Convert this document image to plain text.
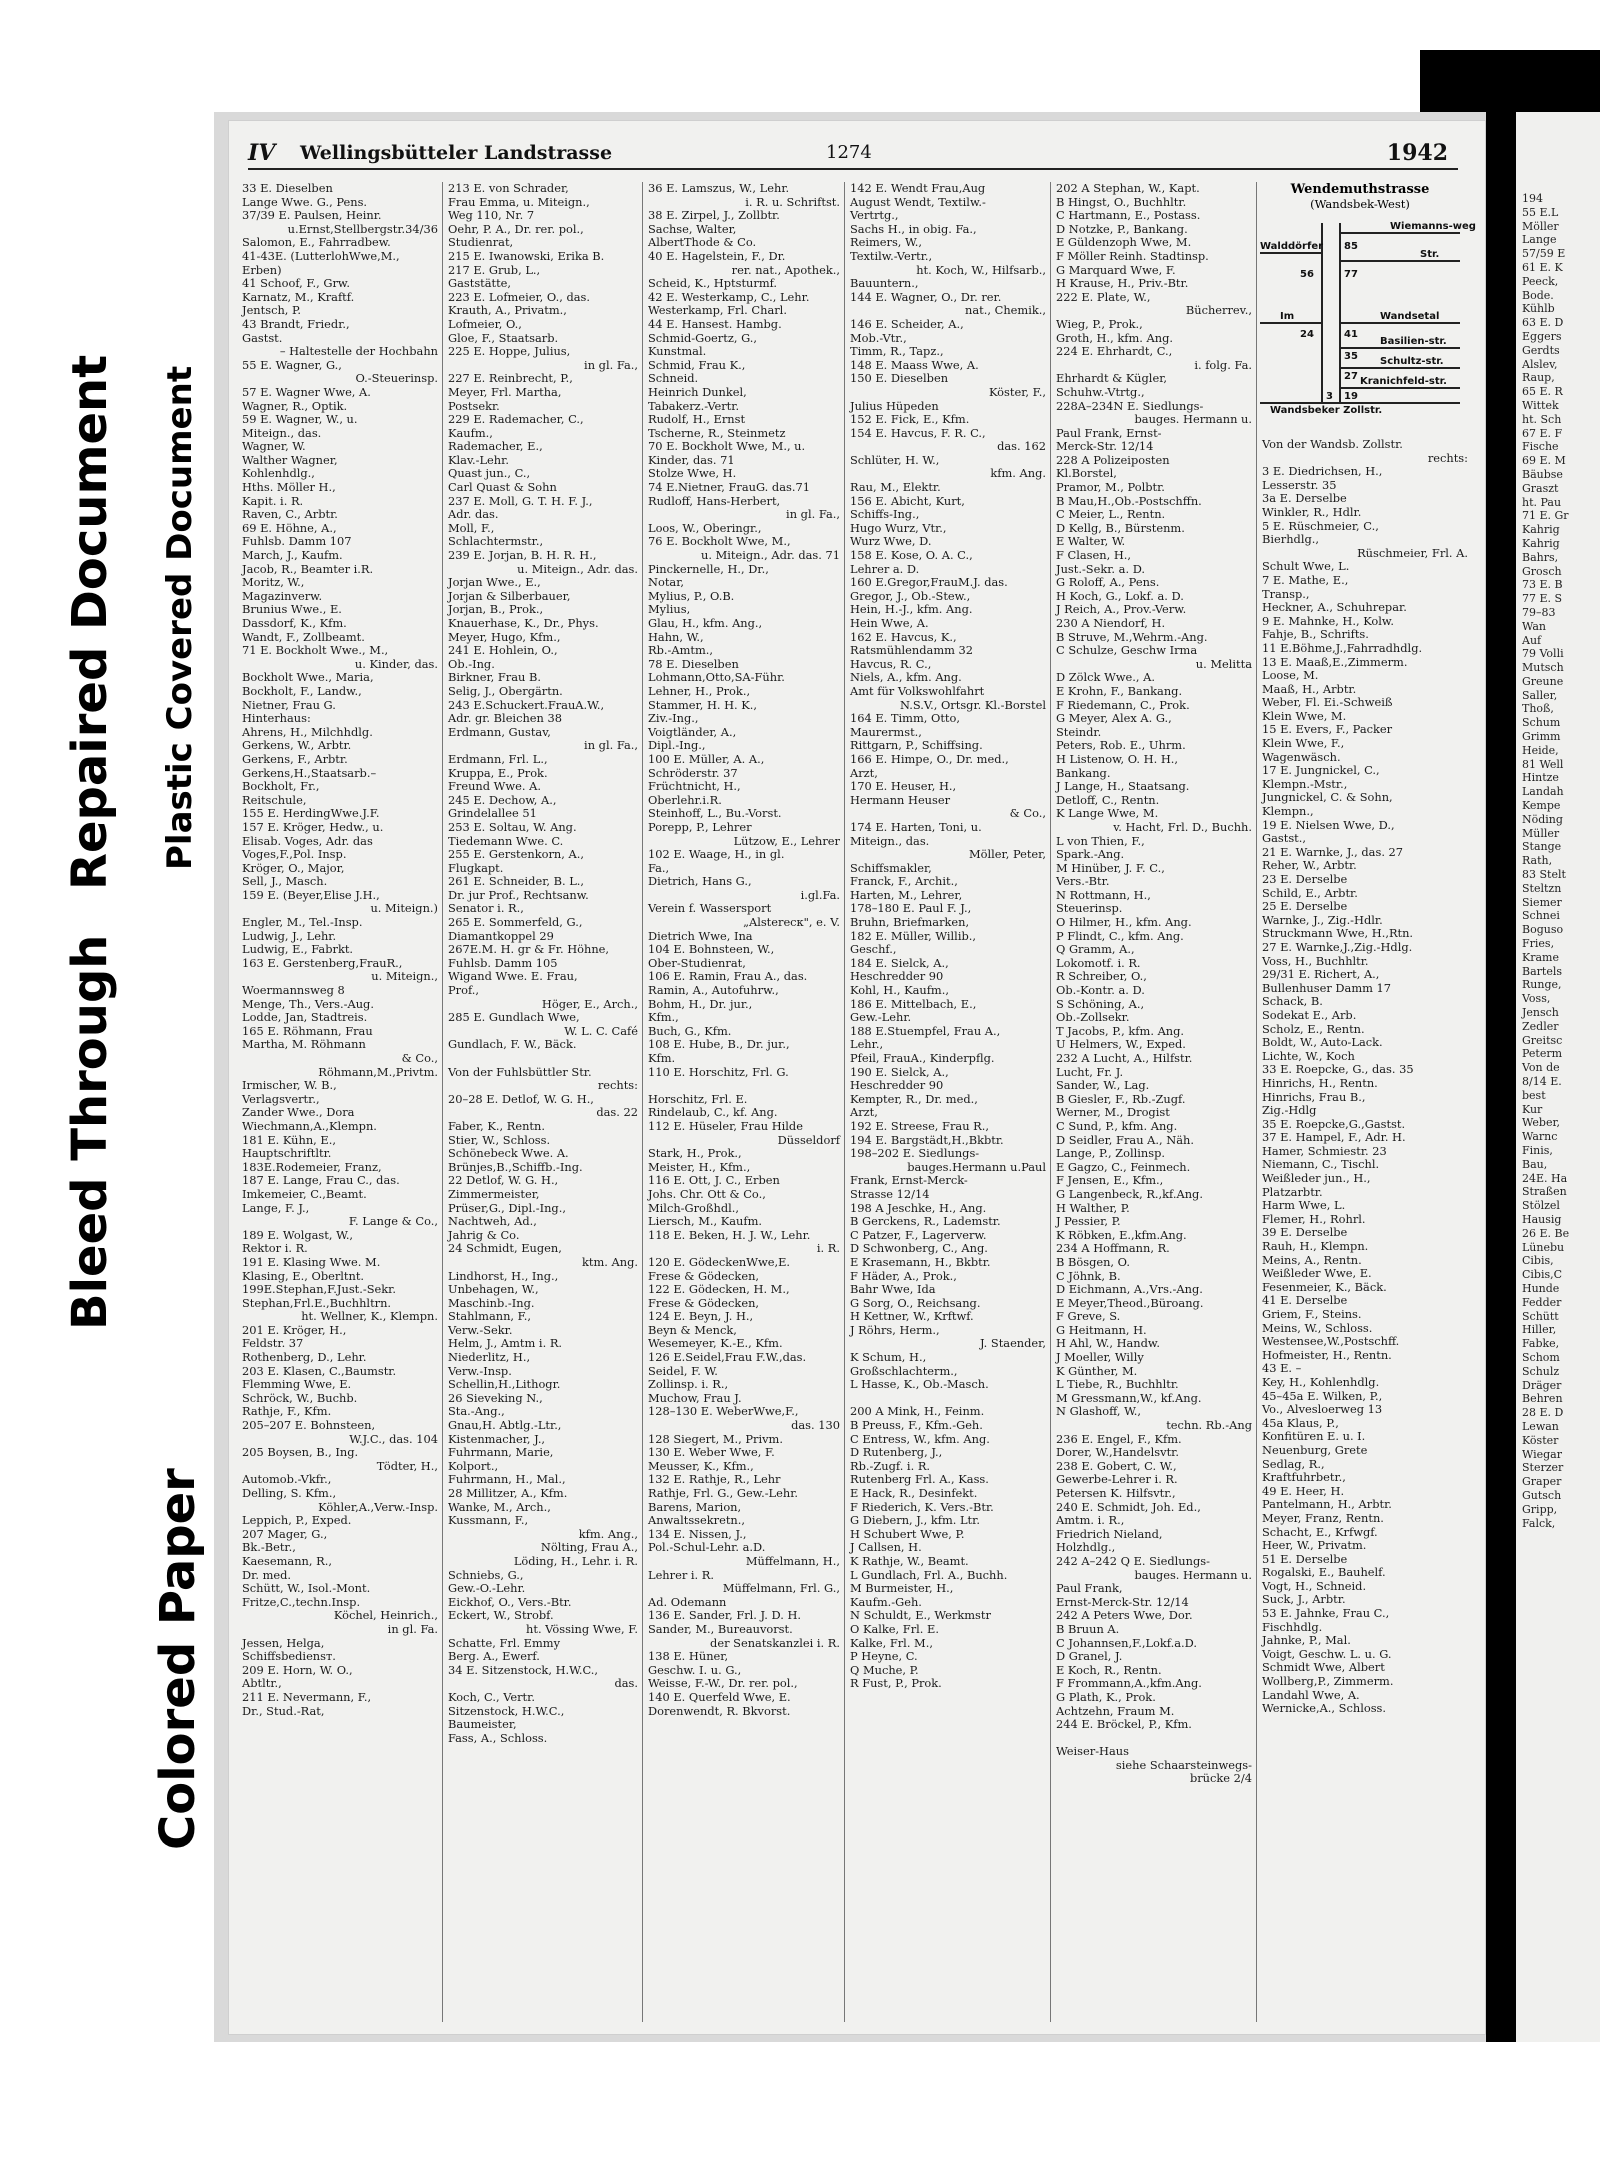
Bleed Through
Repaired Document Plastic Covered Document
Colored Paper
IV Wellingsbütteler Landstrasse	1274	1942

33 E. Dieselben

Lange Wwe. G., Pens.

37/39 E. Paulsen, Heinr.

u.Ernst,Stellbergstr.34/36

Salomon, E., Fahrradbew.

41-43E. (LutterlohWwe,M.,

Erben)

41 Schoof, F., Grw.

Karnatz, M., Kraftf.

Jentsch, P.

43 Brandt, Friedr.,

Gastst.

– Haltestelle der Hochbahn

55 E. Wagner, G.,

O.-Steuerinsp.

57 E. Wagner Wwe, A.

Wagner, R., Optik.

59 E. Wagner, W., u.

Miteign., das.

Wagner, W.

Walther Wagner,

Kohlenhdlg.,

Hths. Möller H.,

Kapit. i. R.

Raven, C., Arbtr.

69 E. Höhne, A.,

Fuhlsb. Damm 107

March, J., Kaufm.

Jacob, R., Beamter i.R.

Moritz, W.,

Magazinverw.

Brunius Wwe., E.

Dassdorf, K., Kfm.

Wandt, F., Zollbeamt.

71 E. Bockholt Wwe., M.,

u. Kinder, das.

Bockholt Wwe., Maria,

Bockholt, F., Landw.,

Nietner, Frau G.

Hinterhaus:

Ahrens, H., Milchhdlg.

Gerkens, W., Arbtr.

Gerkens, F., Arbtr.

Gerkens,H.,Staatsarb.–

Bockholt, Fr.,

Reitschule,

155 E. HerdingWwe.J.F.

157 E. Kröger, Hedw., u.

Elisab. Voges, Adr. das

Voges,F.,Pol. Insp.

Kröger, O., Major,

Sell, J., Masch.

159 E. (Beyer,Elise J.H.,

u. Miteign.)

Engler, M., Tel.-Insp.

Ludwig, J., Lehr.

Ludwig, E., Fabrkt.

163 E. Gerstenberg,FrauR.,

u. Miteign.,

Woermannsweg 8

Menge, Th., Vers.-Aug.

Lodde, Jan, Stadtreis.

165 E. Röhmann, Frau

Martha, M. Röhmann

& Co.,

Röhmann,M.,Privtm.

Irmischer, W. B.,

Verlagsvertr.,

Zander Wwe., Dora

Wiechmann,A.,Klempn.

181 E. Kühn, E.,

Hauptschriftltr.

183E.Rodemeier, Franz,

187 E. Lange, Frau C., das.

Imkemeier, C.,Beamt.

Lange, F. J.,

F. Lange & Co.,

189 E. Wolgast, W.,

Rektor i. R.

191 E. Klasing Wwe. M.

Klasing, E., Oberltnt.

199E.Stephan,F.Just.-Sekr.

Stephan,Frl.E.,Buchhltrn.

ht. Wellner, K., Klempn.

201 E. Kröger, H.,

Feldstr. 37

Rothenberg, D., Lehr.

203 E. Klasen, C.,Baumstr.

Flemming Wwe, E.

Schröck, W., Buchb.

Rathje, F., Kfm.

205–207 E. Bohnsteen,

W.J.C., das. 104

205 Boysen, B., Ing.

Tödter, H.,

Automob.-Vkfr.,

Delling, S. Kfm.,

Köhler,A.,Verw.-Insp.

Leppich, P., Exped.

207 Mager, G.,

Bk.-Betr.,

Kaesemann, R.,

Dr. med.

Schütt, W., Isol.-Mont.

Fritze,C.,techn.Insp.

Köchel, Heinrich.,

in gl. Fa.

Jessen, Helga,

Schiffsbediensт.

209 E. Horn, W. O.,

Abtltr.,

211 E. Nevermann, F.,

Dr., Stud.-Rat,

213 E. von Schrader,

Frau Emma, u. Miteign.,

Weg 110, Nr. 7

Oehr, P. A., Dr. rer. pol.,

Studienrat,

215 E. Iwanowski, Erika B.

217 E. Grub, L.,

Gaststätte,

223 E. Lofmeier, O., das.

Krauth, A., Privatm.,

Lofmeier, O.,

Gloe, F., Staatsarb.

225 E. Hoppe, Julius,

in gl. Fa.,

227 E. Reinbrecht, P.,

Meyer, Frl. Martha,

Postsekr.

229 E. Rademacher, C.,

Kaufm.,

Rademacher, E.,

Klav.-Lehr.

Quast jun., C.,

Carl Quast & Sohn

237 E. Moll, G. T. H. F. J.,

Adr. das.

Moll, F.,

Schlachtermstr.,

239 E. Jorjan, B. H. R. H.,

u. Miteign., Adr. das.

Jorjan Wwe., E.,

Jorjan & Silberbauer,

Jorjan, B., Prok.,

Knauerhase, K., Dr., Phys.

Meyer, Hugo, Kfm.,

241 E. Hohlein, O.,

Ob.-Ing.

Birkner, Frau B.

Selig, J., Obergärtn.

243 E.Schuckert.FrauA.W.,

Adr. gr. Bleichen 38

Erdmann, Gustav,

in gl. Fa.,

Erdmann, Frl. L.,

Kruppa, E., Prok.

Freund Wwe. A.

245 E. Dechow, A.,

Grindelallee 51

253 E. Soltau, W. Ang.

Tiedemann Wwe. C.

255 E. Gerstenkorn, A.,

Flugkapt.

261 E. Schneider, B. L.,

Dr. jur Prof., Rechtsanw.

Senator i. R.,

265 E. Sommerfeld, G.,

Diamantkoppel 29

267E.M. H. gr & Fr. Höhne,

Fuhlsb. Damm 105

Wigand Wwe. E. Frau,

Prof.,

Höger, E., Arch.,

285 E. Gundlach Wwe,

W. L. C. Café

Gundlach, F. W., Bäck.

Von der Fuhlsbüttler Str.

rechts:

20–28 E. Detlof, W. G. H.,

das. 22

Faber, K., Rentn.

Stier, W., Schloss.

Schönebeck Wwe. A.

Brünjes,B.,Schiffb.-Ing.

22 Detlof, W. G. H.,

Zimmermeister,

Prüser,G., Dipl.-Ing.,

Nachtweh, Ad.,

Jahrig & Co.

24 Schmidt, Eugen,

ktm. Ang.

Lindhorst, H., Ing.,

Unbehagen, W.,

Maschinb.-Ing.

Stahlmann, F.,

Verw.-Sekr.

Helm, J., Amtm i. R.

Niederlitz, H.,

Verw.-Insp.

Schellin,H.,Lithogr.

26 Sieveking N.,

Sta.-Ang.,

Gnau,H. Abtlg.-Ltr.,

Kistenmacher, J.,

Fuhrmann, Marie,

Kolport.,

Fuhrmann, H., Mal.,

28 Millitzer, A., Kfm.

Wanke, M., Arch.,

Kussmann, F.,

kfm. Ang.,

Nölting, Frau A.,

Löding, H., Lehr. i. R.

Schniebs, G.,

Gew.-O.-Lehr.

Eickhof, O., Vers.-Btr.

Eckert, W., Strobf.

ht. Vössing Wwe, F.

Schatte, Frl. Emmy

Berg. A., Ewerf.

34 E. Sitzenstock, H.W.C.,

das.

Koch, C., Vertr.

Sitzenstock, H.W.C.,

Baumeister,

Fass, A., Schloss.

36 E. Lamszus, W., Lehr.

i. R. u. Schriftst.

38 E. Zirpel, J., Zollbtr.

Sachse, Walter,

AlbertThode & Co.

40 E. Hagelstein, F., Dr.

rer. nat., Apothek.,

Scheid, K., Hptsturmf.

42 E. Westerkamp, C., Lehr.

Westerkamp, Frl. Charl.

44 E. Hansest. Hambg.

Schmid-Goertz, G.,

Kunstmal.

Schmid, Frau K.,

Schneid.

Heinrich Dunkel,

Tabakerz.-Vertr.

Rudolf, H., Ernst

Tscherne, R., Steinmetz

70 E. Bockholt Wwe, M., u.

Kinder, das. 71

Stolze Wwe, H.

74 E.Nietner, FrauG. das.71

Rudloff, Hans-Herbert,

in gl. Fa.,

Loos, W., Oberingr.,

76 E. Bockholt Wwe, M.,

u. Miteign., Adr. das. 71

Pinckernelle, H., Dr.,

Notar,

Mylius, P., O.B.

Mylius,

Glau, H., kfm. Ang.,

Hahn, W.,

Rb.-Amtm.,

78 E. Dieselben

Lohmann,Otto,SA-Führ.

Lehner, H., Prok.,

Stammer, H. H. K.,

Ziv.-Ing.,

Voigtländer, A.,

Dipl.-Ing.,

100 E. Müller, A. A.,

Schröderstr. 37

Früchtnicht, H.,

Oberlehr.i.R.

Steinhoff, L., Bu.-Vorst.

Porepp, P., Lehrer

Lützow, E., Lehrer

102 E. Waage, H., in gl.

Fa.,

Dietrich, Hans G.,

i.gl.Fa.

Verein f. Wassersport

„Alsterecк", e. V.

Dietrich Wwe, Ina

104 E. Bohnsteen, W.,

Ober-Studienrat,

106 E. Ramin, Frau A., das.

Ramin, A., Autofuhrw.,

Bohm, H., Dr. jur.,

Kfm.,

Buch, G., Kfm.

108 E. Hube, B., Dr. jur.,

Kfm.

110 E. Horschitz, Frl. G.

Horschitz, Frl. E.

Rindelaub, C., kf. Ang.

112 E. Hüseler, Frau Hilde

Düsseldorf

Stark, H., Prok.,

Meister, H., Kfm.,

116 E. Ott, J. C., Erben

Johs. Chr. Ott & Co.,

Milch-Großhdl.,

Liersch, M., Kaufm.

118 E. Beken, H. J. W., Lehr.

i. R.

120 E. GödeckenWwe,E.

Frese & Gödecken,

122 E. Gödecken, H. M.,

Frese & Gödecken,

124 E. Beyn, J. H.,

Beyn & Menck,

Wesemeyer, K.-E., Kfm.

126 E.Seidel,Frau F.W.,das.

Seidel, F. W.

Zollinsp. i. R.,

Muchow, Frau J.

128–130 E. WeberWwe,F.,

das. 130

128 Siegert, M., Privm.

130 E. Weber Wwe, F.

Meusser, K., Kfm.,

132 E. Rathje, R., Lehr

Rathje, Frl. G., Gew.-Lehr.

Barens, Marion,

Anwaltssekretn.,

134 E. Nissen, J.,

Pol.-Schul-Lehr. a.D.

Müffelmann, H.,

Lehrer i. R.

Müffelmann, Frl. G.,

Ad. Odemann

136 E. Sander, Frl. J. D. H.

Sander, M., Bureauvorst.

der Senatskanzlei i. R.

138 E. Hüner,

Geschw. I. u. G.,

Weisse, F.-W., Dr. rer. pol.,

140 E. Querfeld Wwe, E.

Dorenwendt, R. Bkvorst.

142 E. Wendt Frau,Aug

August Wendt, Textilw.-

Vertrtg.,

Sachs H., in obig. Fa.,

Reimers, W.,

Textilw.-Vertr.,

ht. Koch, W., Hilfsarb.,

Bauuntern.,

144 E. Wagner, O., Dr. rer.

nat., Chemik.,

146 E. Scheider, A.,

Mob.-Vtr.,

Timm, R., Tapz.,

148 E. Maass Wwe, A.

150 E. Dieselben

Köster, F.,

Julius Hüpeden

152 E. Fick, E., Kfm.

154 E. Havcus, F. R. C.,

das. 162

Schlüter, H. W.,

kfm. Ang.

Rau, M., Elektr.

156 E. Abicht, Kurt,

Schiffs-Ing.,

Hugo Wurz, Vtr.,

Wurz Wwe, D.

158 E. Kose, O. A. C.,

Lehrer a. D.

160 E.Gregor,FrauM.J. das.

Gregor, J., Ob.-Stew.,

Hein, H.-J., kfm. Ang.

Hein Wwe, A.

162 E. Havcus, K.,

Ratsmühlendamm 32

Havcus, R. C.,

Niels, A., kfm. Ang.

Amt für Volkswohlfahrt

N.S.V., Ortsgr. Kl.-Borstel

164 E. Timm, Otto,

Maurermst.,

Rittgarn, P., Schiffsing.

166 E. Himpe, O., Dr. med.,

Arzt,

170 E. Heuser, H.,

Hermann Heuser

& Co.,

174 E. Harten, Toni, u.

Miteign., das.

Möller, Peter,

Schiffsmakler,

Franck, F., Archit.,

Harten, M., Lehrer,

178–180 E. Paul F. J.,

Bruhn, Briefmarken,

182 E. Müller, Willib.,

Geschf.,

184 E. Sielck, A.,

Heschredder 90

Kohl, H., Kaufm.,

186 E. Mittelbach, E.,

Gew.-Lehr.

188 E.Stuempfel, Frau A.,

Lehr.,

Pfeil, FrauA., Kinderpflg.

190 E. Sielck, A.,

Heschredder 90

Kempter, R., Dr. med.,

Arzt,

192 E. Streese, Frau R.,

194 E. Bargstädt,H.,Bkbtr.

198–202 E. Siedlungs-

bauges.Hermann u.Paul

Frank, Ernst-Merck-

Strasse 12/14

198 A Jeschke, H., Ang.

B Gerckens, R., Lademstr.

C Patzer, F., Lagerverw.

D Schwonberg, C., Ang.

E Krasemann, H., Bkbtr.

F Häder, A., Prok.,

Bahr Wwe, Ida

G Sorg, O., Reichsang.

H Kettner, W., Krftwf.

J Röhrs, Herm.,

J. Staender,

K Schum, H.,

Großschlachterm.,

L Hasse, K., Ob.-Masch.

200 A Mink, H., Feinm.

B Preuss, F., Kfm.-Geh.

C Entress, W., kfm. Ang.

D Rutenberg, J.,

Rb.-Zugf. i. R.

Rutenberg Frl. A., Kass.

E Hack, R., Desinfekt.

F Riederich, K. Vers.-Btr.

G Diebern, J., kfm. Ltr.

H Schubert Wwe, P.

J Callsen, H.

K Rathje, W., Beamt.

L Gundlach, Frl. A., Buchh.

M Burmeister, H.,

Kaufm.-Geh.

N Schuldt, E., Werkmstr

O Kalke, Frl. E.

Kalke, Frl. M.,

P Heyne, C.

Q Muche, P.

R Fust, P., Prok.

202 A Stephan, W., Kapt.

B Hingst, O., Buchhltr.

C Hartmann, E., Postass.

D Notzke, P., Bankang.

E Güldenzoph Wwe, M.

F Möller Reinh. Stadtinsp.

G Marquard Wwe, F.

H Krause, H., Priv.-Btr.

222 E. Plate, W.,

Bücherrev.,

Wieg, P., Prok.,

Groth, H., kfm. Ang.

224 E. Ehrhardt, C.,

i. folg. Fa.

Ehrhardt & Kügler,

Schuhw.-Vtrtg.,

228A–234N E. Siedlungs-

bauges. Hermann u.

Paul Frank, Ernst-

Merck-Str. 12/14

228 A Polizeiposten

Kl.Borstel,

Pramor, M., Polbtr.

B Mau,H.,Ob.-Postschffn.

C Meier, L., Rentn.

D Kellg, B., Bürstenm.

E Walter, W.

F Clasen, H.,

Just.-Sekr. a. D.

G Roloff, A., Pens.

H Koch, G., Lokf. a. D.

J Reich, A., Prov.-Verw.

230 A Niendorf, H.

B Struve, M.,Wehrm.-Ang.

C Schulze, Geschw Irma

u. Melitta

D Zölck Wwe., A.

E Krohn, F., Bankang.

F Riedemann, C., Prok.

G Meyer, Alex A. G.,

Steindr.

Peters, Rob. E., Uhrm.

H Listenow, O. H. H.,

Bankang.

J Lange, H., Staatsang.

Detloff, C., Rentn.

K Lange Wwe, M.

v. Hacht, Frl. D., Buchh.

L von Thien, F.,

Spark.-Ang.

M Hinüber, J. F. C.,

Vers.-Btr.

N Rottmann, H.,

Steuerinsp.

O Hilmer, H., kfm. Ang.

P Flindt, C., kfm. Ang.

Q Gramm, A.,

Lokomotf. i. R.

R Schreiber, O.,

Ob.-Kontr. a. D.

S Schöning, A.,

Ob.-Zollsekr.

T Jacobs, P., kfm. Ang.

U Helmers, W., Exped.

232 A Lucht, A., Hilfstr.

Lucht, Fr. J.

Sander, W., Lag.

B Giesler, F., Rb.-Zugf.

Werner, M., Drogist

C Sund, P., kfm. Ang.

D Seidler, Frau A., Näh.

Lange, P., Zollinsp.

E Gagzo, C., Feinmech.

F Jensen, E., Kfm.,

G Langenbeck, R.,kf.Ang.

H Walther, P.

J Pessier, P.

K Röbken, E.,kfm.Ang.

234 A Hoffmann, R.

B Bösgen, O.

C Jöhnk, B.

D Eichmann, A.,Vrs.-Ang.

E Meyer,Theod.,Büroang.

F Greve, S.

G Heitmann, H.

H Ahl, W., Handw.

J Moeller, Willy

K Günther, M.

L Tiebe, R., Buchhltr.

M Gressmann,W., kf.Ang.

N Glashoff, W.,

techn. Rb.-Ang

236 E. Engel, F., Kfm.

Dorer, W.,Handelsvtr.

238 E. Gobert, C. W.,

Gewerbe-Lehrer i. R.

Petersen K. Hilfsvtr.,

240 E. Schmidt, Joh. Ed.,

Amtm. i. R.,

Friedrich Nieland,

Holzhdlg.,

242 A–242 Q E. Siedlungs-

bauges. Hermann u.

Paul Frank,

Ernst-Merck-Str. 12/14

242 A Peters Wwe, Dor.

B Bruun A.

C Johannsen,F.,Lokf.a.D.

D Granel, J.

E Koch, R., Rentn.

F Frommann,A.,kfm.Ang.

G Plath, K., Prok.

Achtzehn, Fraum M.

244 E. Bröckel, P., Kfm.

Weiser-Haus

siehe Schaarsteinwegs-

brücke 2/4

Wendemuthstrasse
(Wandsbek-West)
Walddörfer
Wiemanns-weg
Str.
Wandsetal
Basilien-str.
Schultz-str.
Kranichfeld-str.
Wandsbeker Zollstr.
Im
41
35
27
19
3
85
77
56
24

Von der Wandsb. Zollstr.

rechts:

3 E. Diedrichsen, H.,

Lesserstr. 35

3a E. Derselbe

Winkler, R., Hdlr.

5 E. Rüschmeier, C.,

Bierhdlg.,

Rüschmeier, Frl. A.

Schult Wwe, L.

7 E. Mathe, E.,

Transp.,

Heckner, A., Schuhrepar.

9 E. Mahnke, H., Kolw.

Fahje, B., Schrifts.

11 E.Böhme,J.,Fahrradhdlg.

13 E. Maaß,E.,Zimmerm.

Loose, M.

Maaß, H., Arbtr.

Weber, Fl. Ei.-Schweiß

Klein Wwe, M.

15 E. Evers, F., Packer

Klein Wwe, F.,

Wagenwäsch.

17 E. Jungnickel, C.,

Klempn.-Mstr.,

Jungnickel, C. & Sohn,

Klempn.,

19 E. Nielsen Wwe, D.,

Gastst.,

21 E. Warnke, J., das. 27

Reher, W., Arbtr.

23 E. Derselbe

Schild, E., Arbtr.

25 E. Derselbe

Warnke, J., Zig.-Hdlr.

Struckmann Wwe, H.,Rtn.

27 E. Warnke,J.,Zig.-Hdlg.

Voss, H., Buchhltr.

29/31 E. Richert, A.,

Bullenhuser Damm 17

Schack, B.

Sodekat E., Arb.

Scholz, E., Rentn.

Boldt, W., Auto-Lack.

Lichte, W., Koch

33 E. Roepcke, G., das. 35

Hinrichs, H., Rentn.

Hinrichs, Frau B.,

Zig.-Hdlg

35 E. Roepcke,G.,Gastst.

37 E. Hampel, F., Adr. H.

Hamer, Schmiestr. 23

Niemann, C., Tischl.

Weißleder jun., H.,

Platzarbtr.

Harm Wwe, L.

Flemer, H., Rohrl.

39 E. Derselbe

Rauh, H., Klempn.

Meins, A., Rentn.

Weißleder Wwe, E.

Fesenmeier, K., Bäck.

41 E. Derselbe

Griem, F., Steins.

Meins, W., Schloss.

Westensee,W.,Postschff.

Hofmeister, H., Rentn.

43 E. –

Key, H., Kohlenhdlg.

45–45a E. Wilken, P.,

Vo., Alvesloerweg 13

45a Klaus, P.,

Konfitüren E. u. I.

Neuenburg, Grete

Sedlag, R.,

Kraftfuhrbetr.,

49 E. Heer, H.

Pantelmann, H., Arbtr.

Meyer, Franz, Rentn.

Schacht, E., Krfwgf.

Heer, W., Privatm.

51 E. Derselbe

Rogalski, E., Bauhelf.

Vogt, H., Schneid.

Suck, J., Arbtr.

53 E. Jahnke, Frau C.,

Fischhdlg.

Jahnke, P., Mal.

Voigt, Geschw. L. u. G.

Schmidt Wwe, Albert

Wollberg,P., Zimmerm.

Landahl Wwe, A.

Wernicke,A., Schloss.

194

55 E.L

Möller

Lange

57/59 E

61 E. K

Peeck,

Bode.

Kühlb

63 E. D

Eggers

Gerdts

Alslev,

Raup,

65 E. R

Wittek

ht. Sch

67 E. F

Fische

69 E. M

Bäubse

Graszt

ht. Pau

71 E. Gr

Kahrig

Kahrig

Bahrs,

Grosch

73 E. B

77 E. S

79–83

Wan

Auf

79 Volli

Mutsch

Greune

Saller,

Thoß,

Schum

Grimm

Heide,

81 Well

Hintze

Landah

Kempe

Nöding

Müller

Stange

Rath,

83 Stelt

Steltzn

Siemer

Schnei

Boguso

Fries,

Krame

Bartels

Runge,

Voss,

Jensch

Zedler

Greitsc

Peterm

Von de

8/14 E.

best

Kur

Weber,

Warnc

Finis,

Bau,

24E. Ha

Straßen

Stölzel

Hausig

26 E. Be

Lünebu

Cibis,

Cibis,C

Hunde

Fedder

Schütt

Hiller,

Fabke,

Schom

Schulz

Dräger

Behren

28 E. D

Lewan

Köster

Wiegar

Sterzer

Graper

Gutsch

Gripp,

Falck,
